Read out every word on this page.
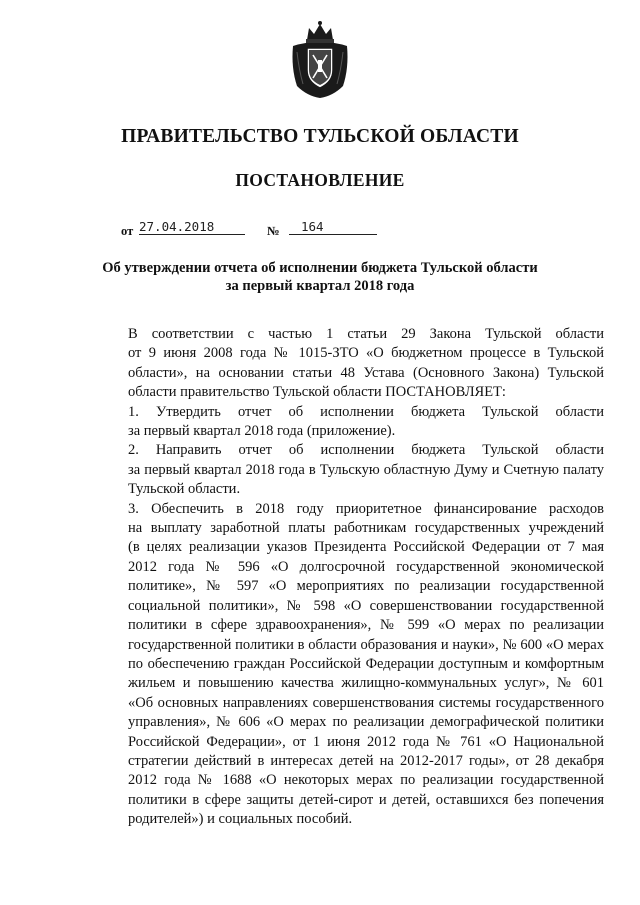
ПРАВИТЕЛЬСТВО ТУЛЬСКОЙ ОБЛАСТИ
ПОСТАНОВЛЕНИЕ
от 27.04.2018	№ 164
Об утверждении отчета об исполнении бюджета Тульской области
за первый квартал 2018 года

В соответствии с частью 1 статьи 29 Закона Тульской области
от 9 июня 2008 года № 1015-ЗТО «О бюджетном процессе в Тульской
области», на основании статьи 48 Устава (Основного Закона) Тульской
области правительство Тульской области ПОСТАНОВЛЯЕТ:

1. Утвердить отчет об исполнении бюджета Тульской области
за первый квартал 2018 года (приложение).

2. Направить отчет об исполнении бюджета Тульской области
за первый квартал 2018 года в Тульскую областную Думу и Счетную палату
Тульской области.

3. Обеспечить в 2018 году приоритетное финансирование расходов
на выплату заработной платы работникам государственных учреждений
(в целях реализации указов Президента Российской Федерации от 7 мая
2012 года № 596 «О долгосрочной государственной экономической
политике», № 597 «О мероприятиях по реализации государственной
социальной политики», № 598 «О совершенствовании государственной
политики в сфере здравоохранения», № 599 «О мерах по реализации
государственной политики в области образования и науки», № 600 «О мерах
по обеспечению граждан Российской Федерации доступным и комфортным
жильем и повышению качества жилищно-коммунальных услуг», № 601
«Об основных направлениях совершенствования системы государственного
управления», № 606 «О мерах по реализации демографической политики
Российской Федерации», от 1 июня 2012 года № 761 «О Национальной
стратегии действий в интересах детей на 2012-2017 годы», от 28 декабря
2012 года № 1688 «О некоторых мерах по реализации государственной
политики в сфере защиты детей-сирот и детей, оставшихся без попечения
родителей») и социальных пособий.
